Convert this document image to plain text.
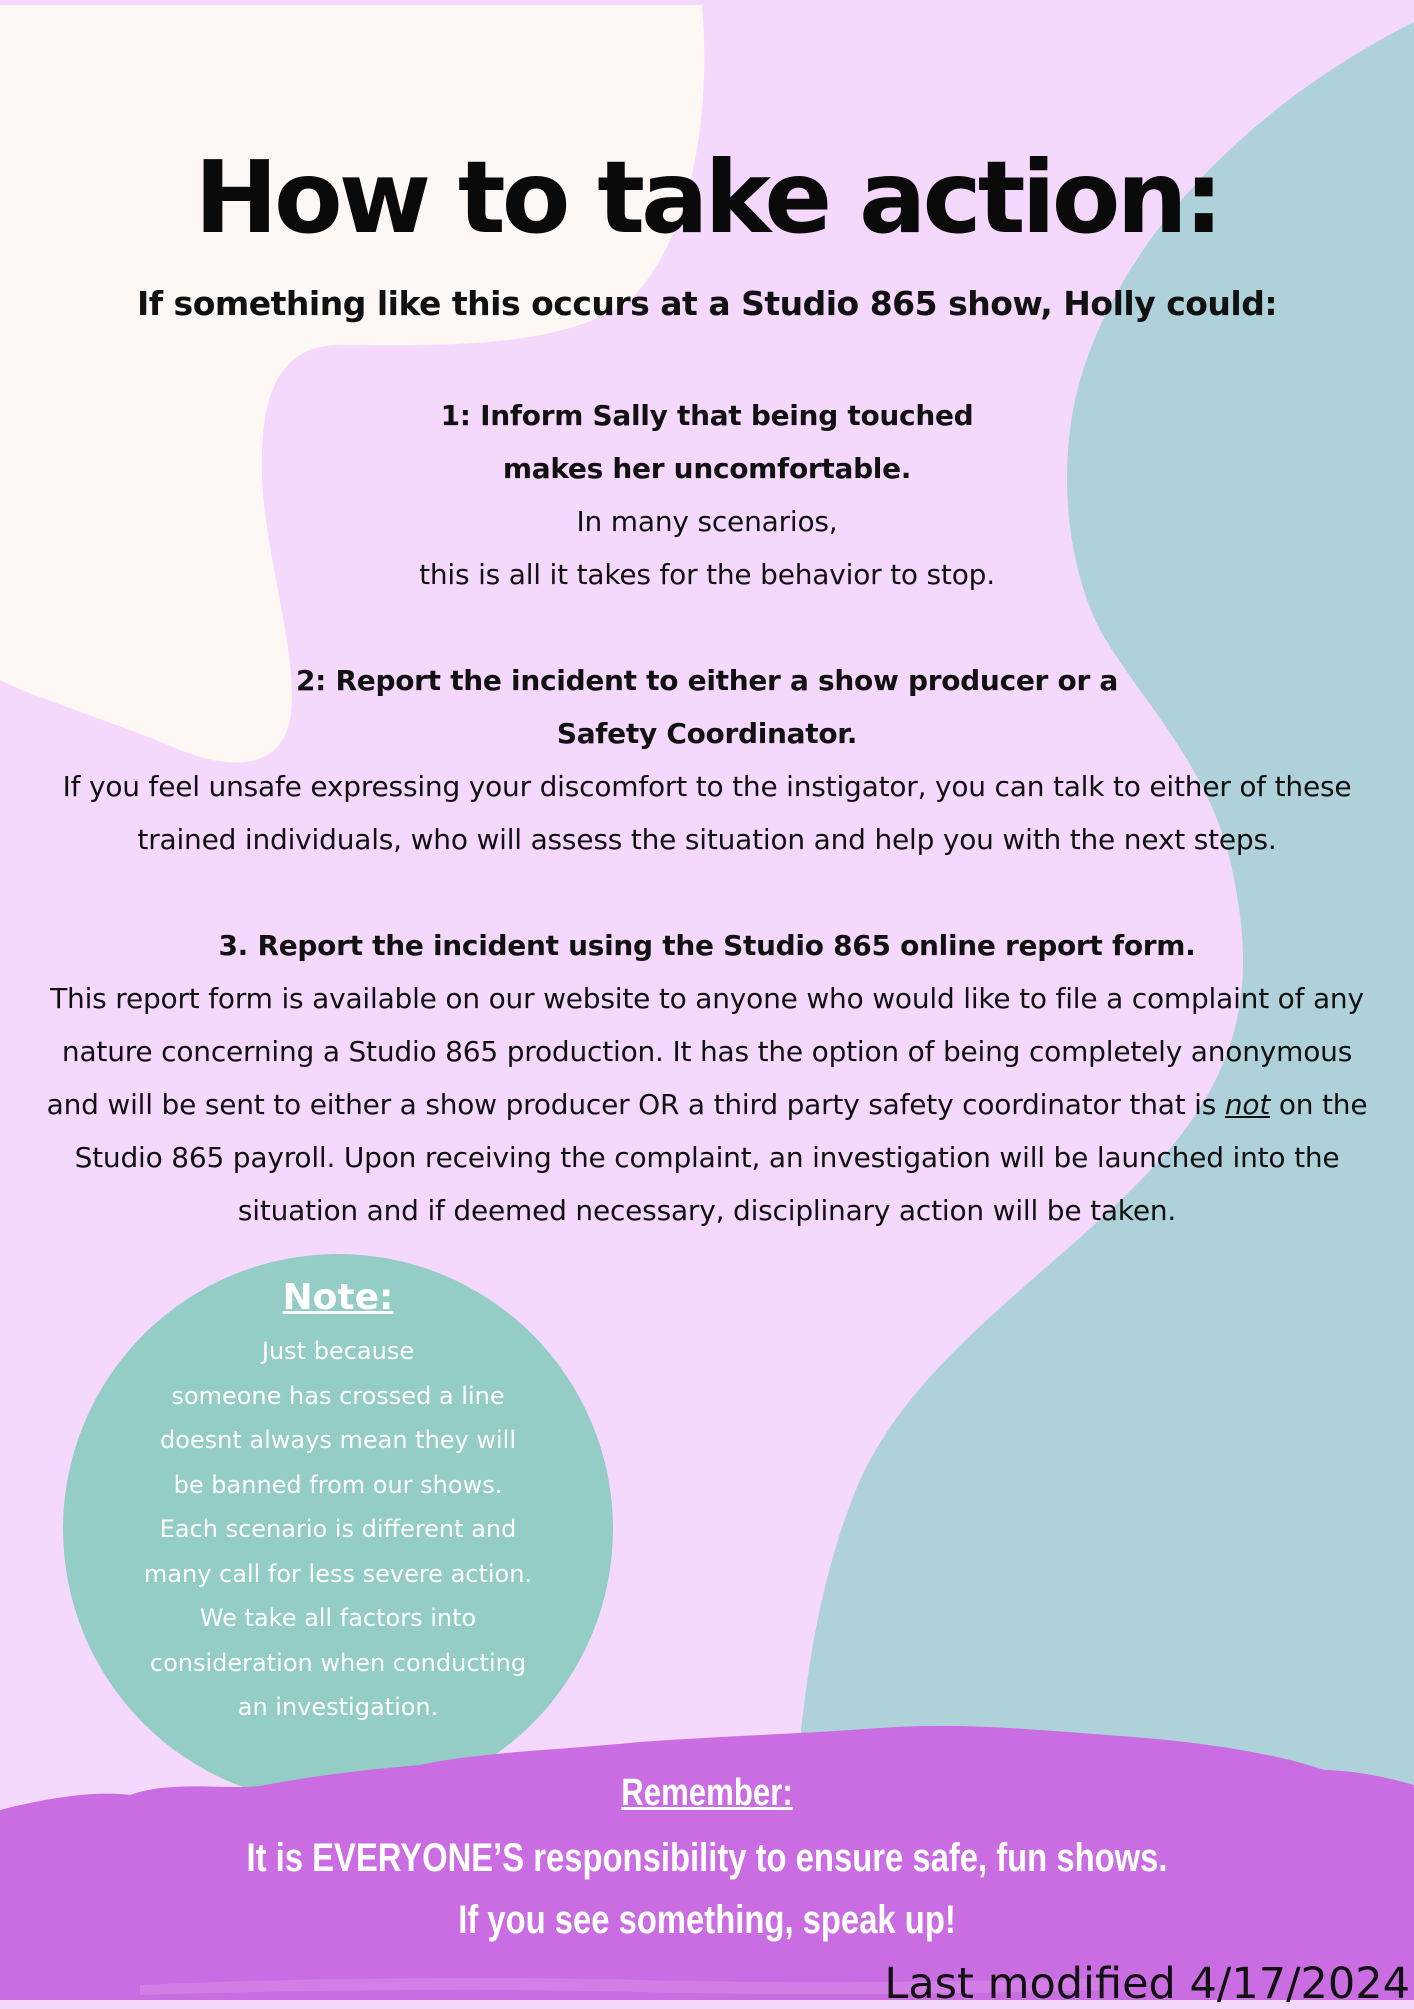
How to take action:
If something like this occurs at a Studio 865 show, Holly could:
1: Inform Sally that being touched
makes her uncomfortable.
In many scenarios,
this is all it takes for the behavior to stop.
2: Report the incident to either a show producer or a
Safety Coordinator.
If you feel unsafe expressing your discomfort to the instigator, you can talk to either of these
trained individuals, who will assess the situation and help you with the next steps.
3. Report the incident using the Studio 865 online report form.
This report form is available on our website to anyone who would like to file a complaint of any
nature concerning a Studio 865 production. It has the option of being completely anonymous
and will be sent to either a show producer OR a third party safety coordinator that is not on the
Studio 865 payroll. Upon receiving the complaint, an investigation will be launched into the
situation and if deemed necessary, disciplinary action will be taken.
Note:
Just because
someone has crossed a line
doesnt always mean they will
be banned from our shows.
Each scenario is different and
many call for less severe action.
We take all factors into
consideration when conducting
an investigation.
Remember:
It is EVERYONE’S responsibility to ensure safe, fun shows.
If you see something, speak up!
Last modified 4/17/2024
